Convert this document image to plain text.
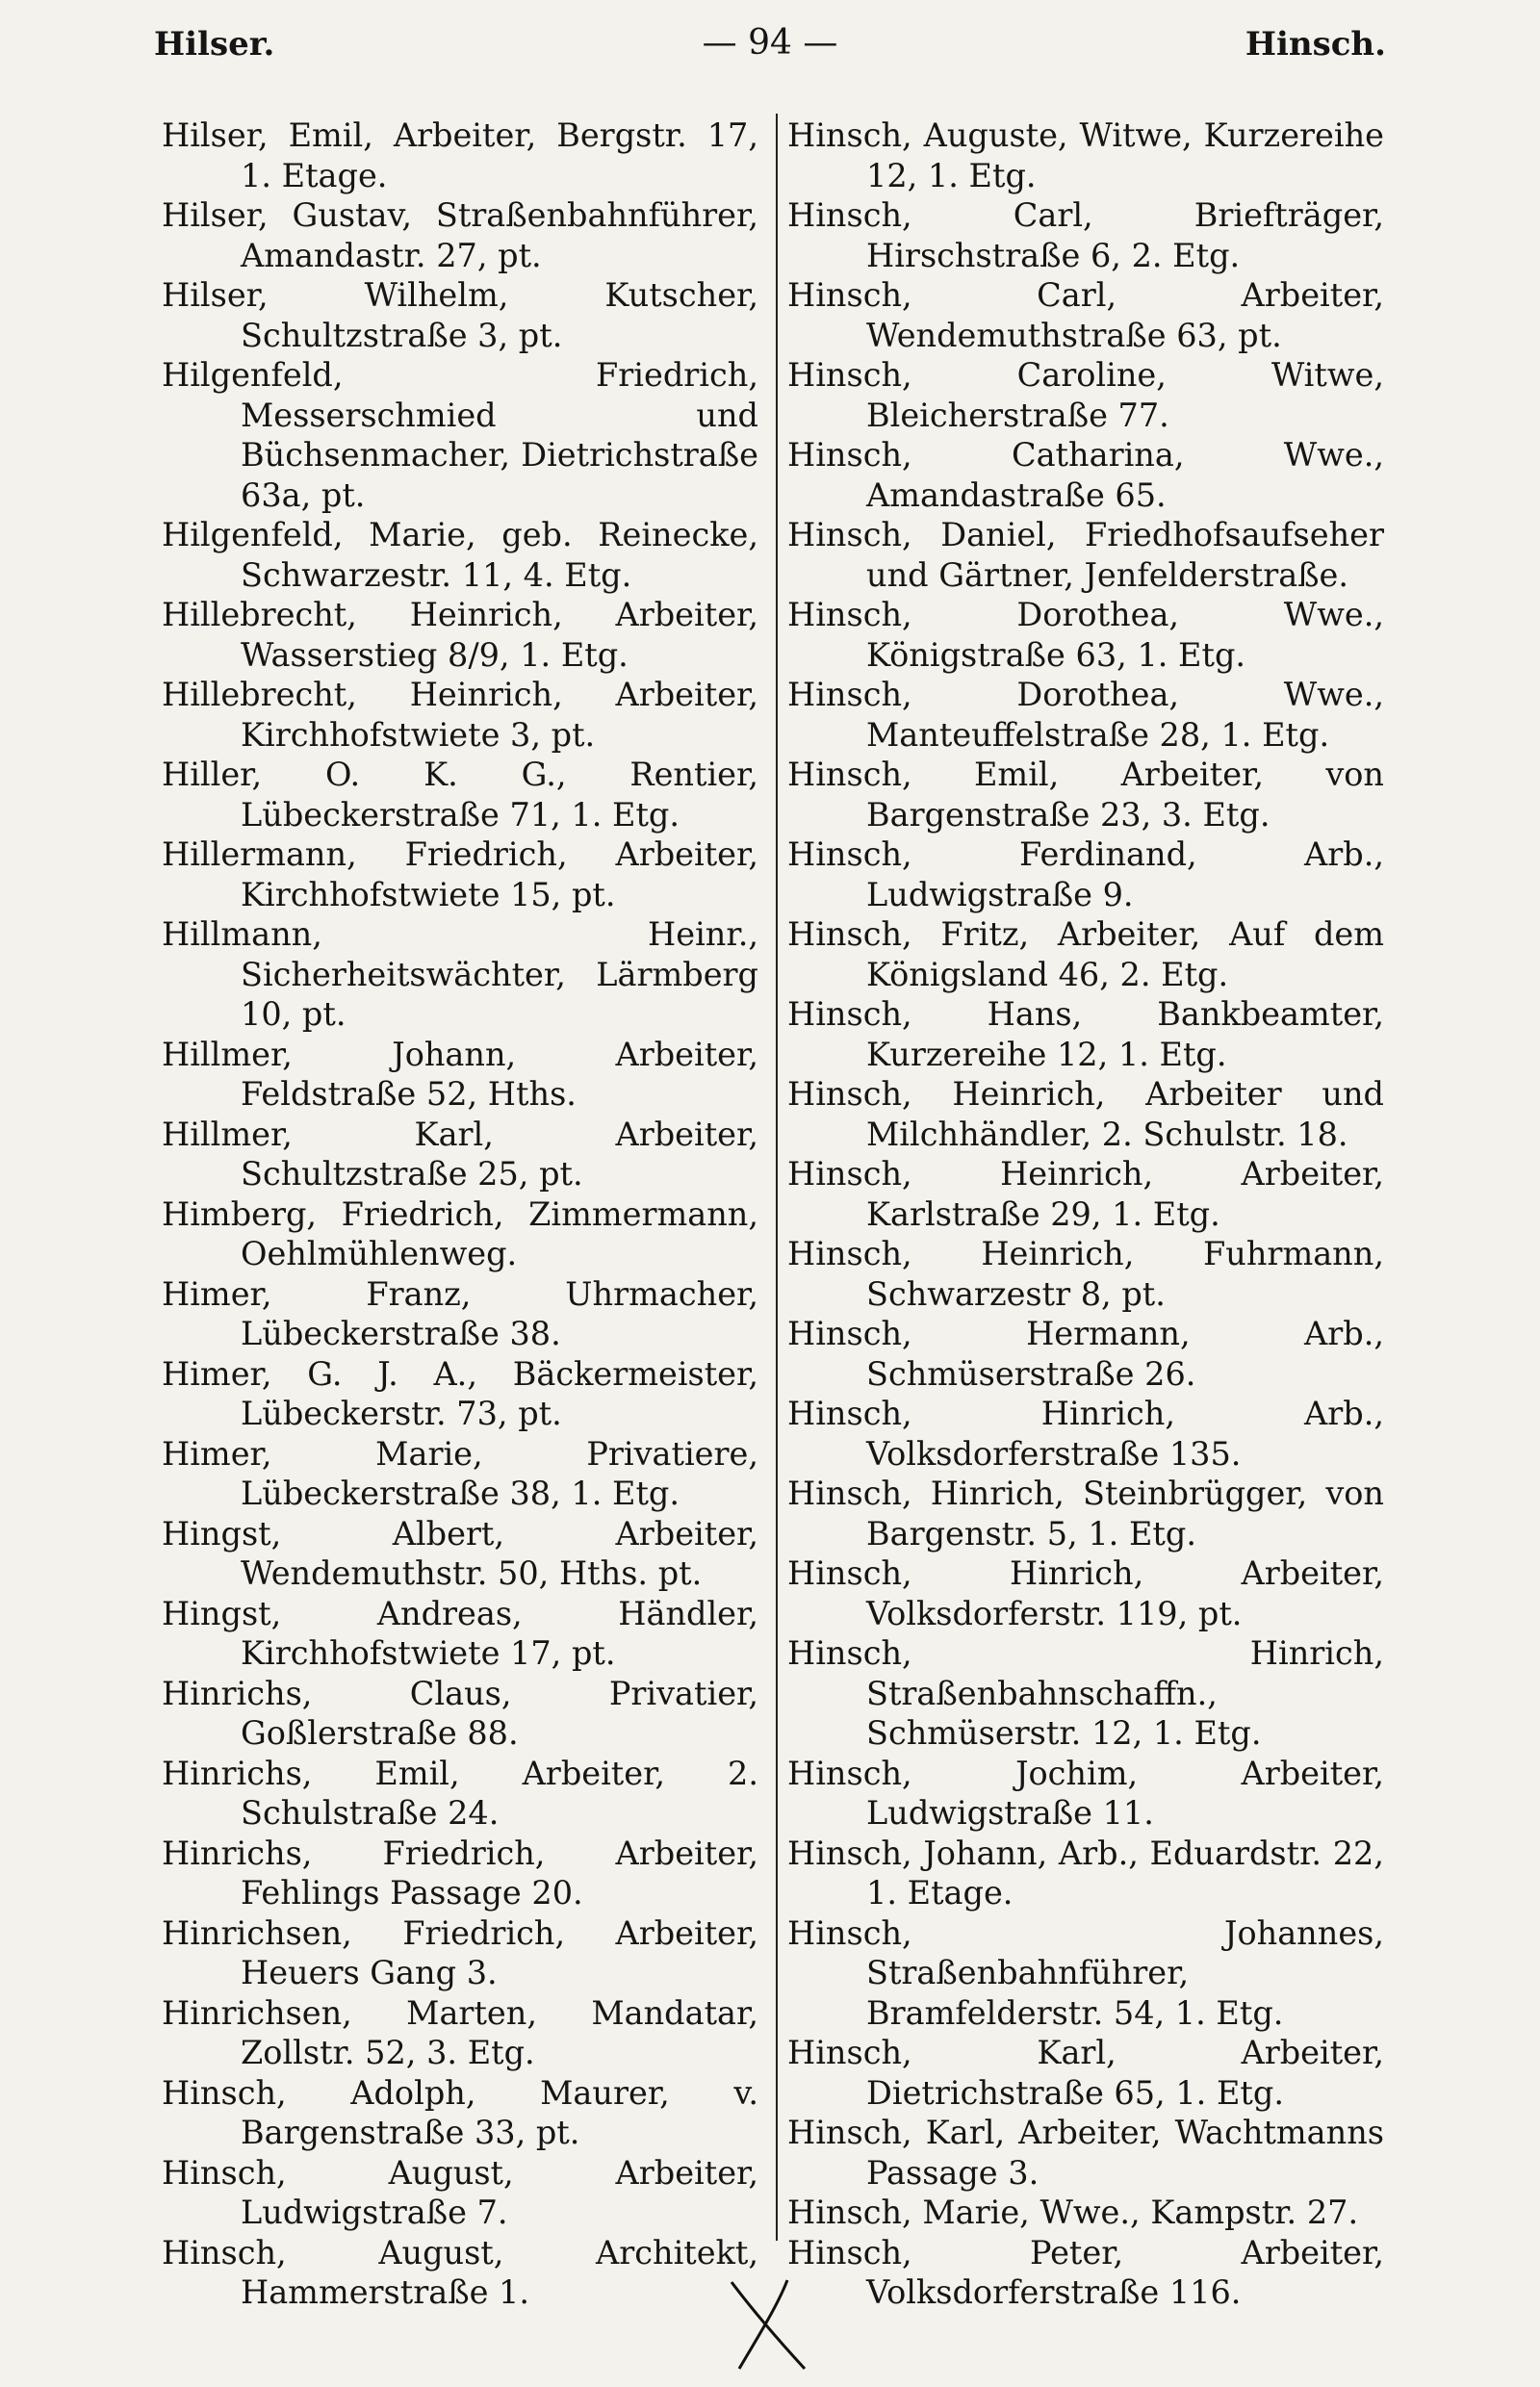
Hilser.	— 94 —	Hinsch.

Hilser, Emil, Arbeiter, Bergstr. 17, 1. Etage.

Hilser, Gustav, Straßenbahnführer, Amandastr. 27, pt.

Hilser, Wilhelm, Kutscher, Schultzstraße 3, pt.

Hilgenfeld, Friedrich, Messerschmied und Büchsenmacher, Dietrichstraße 63a, pt.

Hilgenfeld, Marie, geb. Reinecke, Schwarzestr. 11, 4. Etg.

Hillebrecht, Heinrich, Arbeiter, Wasserstieg 8/9, 1. Etg.

Hillebrecht, Heinrich, Arbeiter, Kirchhofstwiete 3, pt.

Hiller, O. K. G., Rentier, Lübeckerstraße 71, 1. Etg.

Hillermann, Friedrich, Arbeiter, Kirchhofstwiete 15, pt.

Hillmann, Heinr., Sicherheitswächter, Lärmberg 10, pt.

Hillmer, Johann, Arbeiter, Feldstraße 52, Hths.

Hillmer, Karl, Arbeiter, Schultzstraße 25, pt.

Himberg, Friedrich, Zimmermann, Oehlmühlenweg.

Himer, Franz, Uhrmacher, Lübeckerstraße 38.

Himer, G. J. A., Bäckermeister, Lübeckerstr. 73, pt.

Himer, Marie, Privatiere, Lübeckerstraße 38, 1. Etg.

Hingst, Albert, Arbeiter, Wendemuthstr. 50, Hths. pt.

Hingst, Andreas, Händler, Kirchhofstwiete 17, pt.

Hinrichs, Claus, Privatier, Goßlerstraße 88.

Hinrichs, Emil, Arbeiter, 2. Schulstraße 24.

Hinrichs, Friedrich, Arbeiter, Fehlings Passage 20.

Hinrichsen, Friedrich, Arbeiter, Heuers Gang 3.

Hinrichsen, Marten, Mandatar, Zollstr. 52, 3. Etg.

Hinsch, Adolph, Maurer, v. Bargenstraße 33, pt.

Hinsch, August, Arbeiter, Ludwigstraße 7.

Hinsch, August, Architekt, Hammerstraße 1.

Hinsch, Auguste, Witwe, Kurzereihe 12, 1. Etg.

Hinsch, Carl, Briefträger, Hirschstraße 6, 2. Etg.

Hinsch, Carl, Arbeiter, Wendemuthstraße 63, pt.

Hinsch, Caroline, Witwe, Bleicherstraße 77.

Hinsch, Catharina, Wwe., Amandastraße 65.

Hinsch, Daniel, Friedhofsaufseher und Gärtner, Jenfelderstraße.

Hinsch, Dorothea, Wwe., Königstraße 63, 1. Etg.

Hinsch, Dorothea, Wwe., Manteuffelstraße 28, 1. Etg.

Hinsch, Emil, Arbeiter, von Bargenstraße 23, 3. Etg.

Hinsch, Ferdinand, Arb., Ludwigstraße 9.

Hinsch, Fritz, Arbeiter, Auf dem Königsland 46, 2. Etg.

Hinsch, Hans, Bankbeamter, Kurzereihe 12, 1. Etg.

Hinsch, Heinrich, Arbeiter und Milchhändler, 2. Schulstr. 18.

Hinsch, Heinrich, Arbeiter, Karlstraße 29, 1. Etg.

Hinsch, Heinrich, Fuhrmann, Schwarzestr 8, pt.

Hinsch, Hermann, Arb., Schmüserstraße 26.

Hinsch, Hinrich, Arb., Volksdorferstraße 135.

Hinsch, Hinrich, Steinbrügger, von Bargenstr. 5, 1. Etg.

Hinsch, Hinrich, Arbeiter, Volksdorferstr. 119, pt.

Hinsch, Hinrich, Straßenbahnschaffn., Schmüserstr. 12, 1. Etg.

Hinsch, Jochim, Arbeiter, Ludwigstraße 11.

Hinsch, Johann, Arb., Eduardstr. 22, 1. Etage.

Hinsch, Johannes, Straßenbahnführer, Bramfelderstr. 54, 1. Etg.

Hinsch, Karl, Arbeiter, Dietrichstraße 65, 1. Etg.

Hinsch, Karl, Arbeiter, Wachtmanns Passage 3.

Hinsch, Marie, Wwe., Kampstr. 27.

Hinsch, Peter, Arbeiter, Volksdorferstraße 116.
